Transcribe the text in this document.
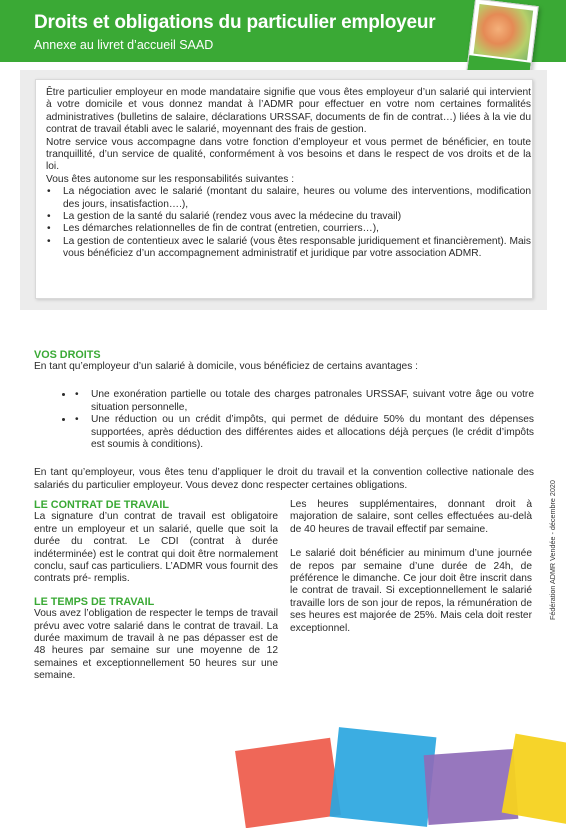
Droits et obligations du particulier employeur
Annexe au livret d’accueil SAAD

Être particulier employeur en mode mandataire signifie que vous êtes employeur d’un salarié qui intervient à votre domicile et vous donnez mandat à l’ADMR pour effectuer en votre nom certaines formalités administratives (bulletins de salaire, déclarations URSSAF, documents de fin de contrat…) liées à la vie du contrat de travail établi avec le salarié, moyennant des frais de gestion.

Notre service vous accompagne dans votre fonction d’employeur et vous permet de bénéficier, en toute tranquillité, d’un service de qualité, conformément à vos besoins et dans le respect de vos droits et de la loi.

Vous êtes autonome sur les responsabilités suivantes :

• La négociation avec le salarié (montant du salaire, heures ou volume des interventions, modification des jours, insatisfaction….),
• La gestion de la santé du salarié (rendez vous avec la médecine du travail)
• Les démarches relationnelles de fin de contrat (entretien, courriers…),
• La gestion de contentieux avec le salarié (vous êtes responsable juridiquement et financièrement). Mais vous bénéficiez d’un accompagnement administratif et juridique par votre association ADMR.
VOS DROITS

En tant qu’employeur d’un salarié à domicile, vous bénéficiez de certains avantages :

• • Une exonération partielle ou totale des charges patronales URSSAF, suivant votre âge ou votre situation personnelle,
• • Une réduction ou un crédit d’impôts, qui permet de déduire 50% du montant des dépenses supportées, après déduction des différentes aides et allocations déjà perçues (le crédit d’impôts est soumis à conditions).

En tant qu’employeur, vous êtes tenu d’appliquer le droit du travail et la convention collective nationale des salariés du particulier employeur. Vous devez donc respecter certaines obligations.

LE CONTRAT DE TRAVAIL

La signature d’un contrat de travail est obligatoire entre un employeur et un salarié, quelle que soit la durée du contrat. Le CDI (contrat à durée indéterminée) est le contrat qui doit être normalement conclu, sauf cas particuliers. L’ADMR vous fournit des contrats pré- remplis.

LE TEMPS DE TRAVAIL

Vous avez l’obligation de respecter le temps de travail prévu avec votre salarié dans le contrat de travail. La durée maximum de travail à ne pas dépasser est de 48 heures par semaine sur une moyenne de 12 semaines et exceptionnellement 50 heures sur une semaine.

Les heures supplémentaires, donnant droit à majoration de salaire, sont celles effectuées au-delà de 40 heures de travail effectif par semaine.

Le salarié doit bénéficier au minimum d’une journée de repos par semaine d’une durée de 24h, de préférence le dimanche. Ce jour doit être inscrit dans le contrat de travail. Si exceptionnellement le salarié travaille lors de son jour de repos, la rémunération de ses heures est majorée de 25%. Mais cela doit rester exceptionnel.

Fédération ADMR Vendée - décembre 2020
